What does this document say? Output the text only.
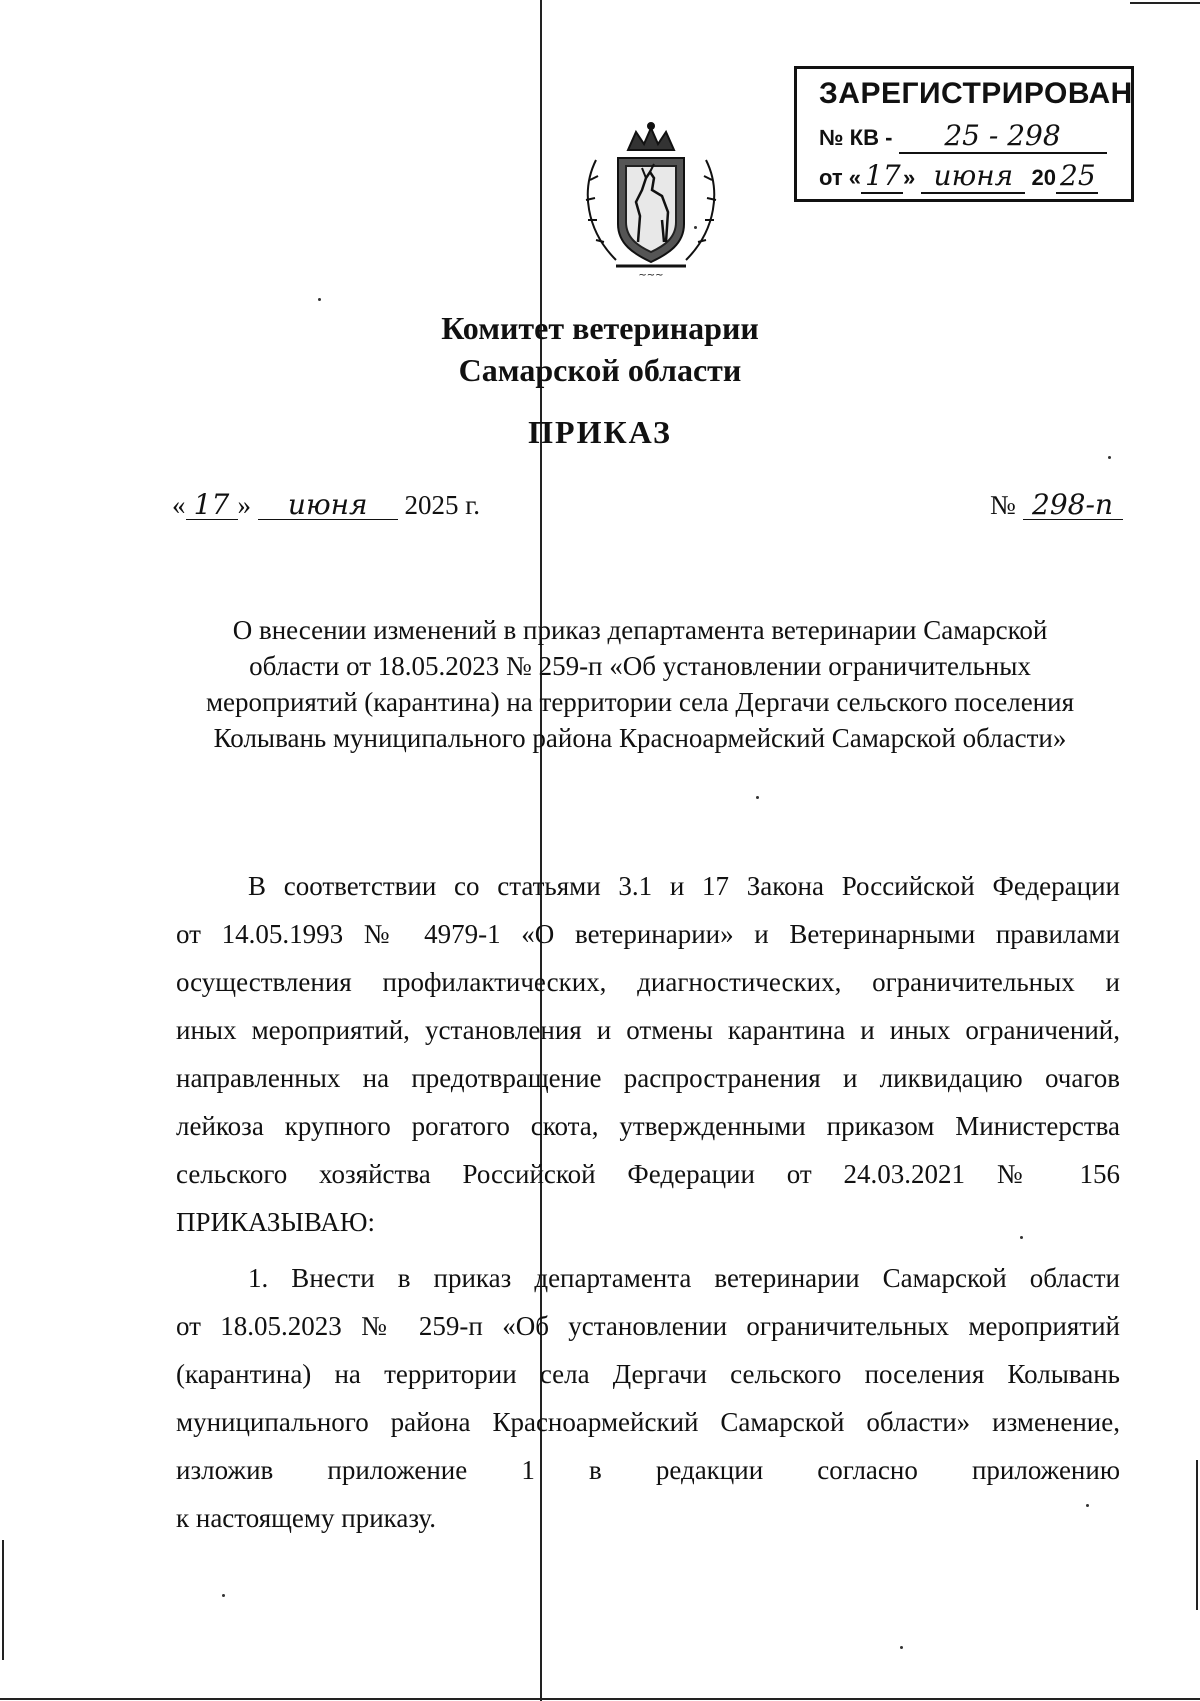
ЗАРЕГИСТРИРОВАН
№ КВ - 25 - 298
от « 17 » июня 20 25
~~~
Комитет ветеринарии
Самарской области
ПРИКАЗ
« 17 » июня 2025 г.	№ 298-п
О внесении изменений в приказ департамента ветеринарии Самарской
области от 18.05.2023 № 259-п «Об установлении ограничительных
мероприятий (карантина) на территории села Дергачи сельского поселения
Колывань муниципального района Красноармейский Самарской области»
В соответствии со статьями 3.1 и 17 Закона Российской Федерации
от 14.05.1993 № 4979-1 «О ветеринарии» и Ветеринарными правилами
осуществления профилактических, диагностических, ограничительных и
иных мероприятий, установления и отмены карантина и иных ограничений,
направленных на предотвращение распространения и ликвидацию очагов
лейкоза крупного рогатого скота, утвержденными приказом Министерства
сельского хозяйства Российской Федерации от 24.03.2021 № 156
ПРИКАЗЫВАЮ:
1. Внести в приказ департамента ветеринарии Самарской области
от 18.05.2023 № 259-п «Об установлении ограничительных мероприятий
(карантина) на территории села Дергачи сельского поселения Колывань
муниципального района Красноармейский Самарской области» изменение,
изложив приложение 1 в редакции согласно приложению
к настоящему приказу.
